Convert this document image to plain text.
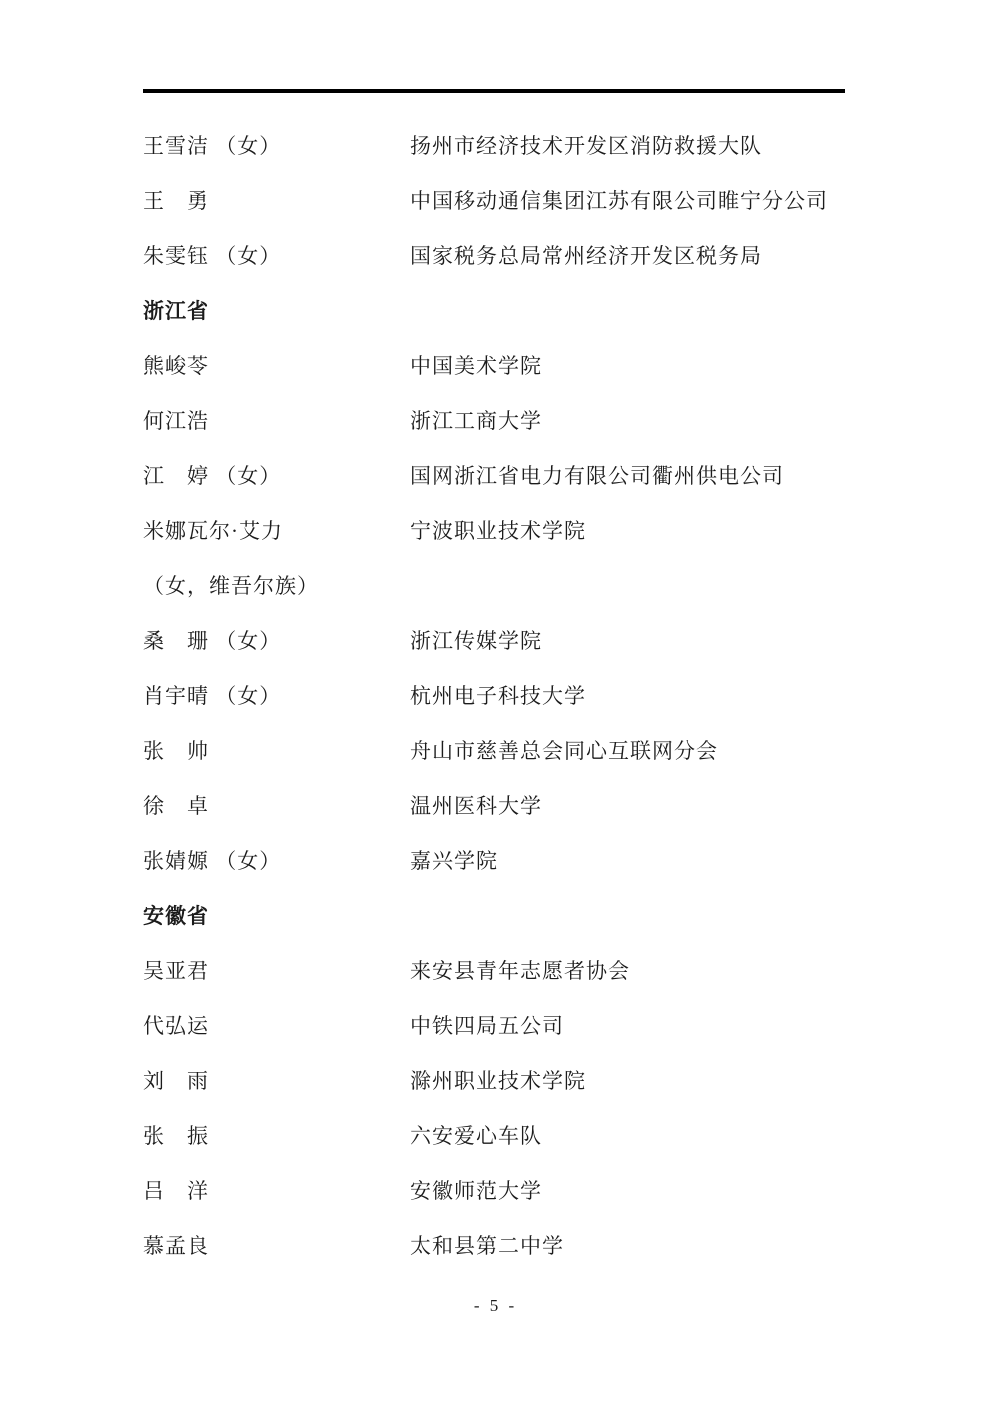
王雪洁 （女）	扬州市经济技术开发区消防救援大队
王　勇	中国移动通信集团江苏有限公司睢宁分公司
朱雯钰 （女）	国家税务总局常州经济开发区税务局
浙江省
熊峻苓	中国美术学院
何江浩	浙江工商大学
江　婷 （女）	国网浙江省电力有限公司衢州供电公司
米娜瓦尔·艾力	宁波职业技术学院
（女，维吾尔族）
桑　珊 （女）	浙江传媒学院
肖宇晴 （女）	杭州电子科技大学
张　帅	舟山市慈善总会同心互联网分会
徐　卓	温州医科大学
张婧嫄 （女）	嘉兴学院
安徽省
吴亚君	来安县青年志愿者协会
代弘运	中铁四局五公司
刘　雨	滁州职业技术学院
张　振	六安爱心车队
吕　洋	安徽师范大学
慕孟良	太和县第二中学
- 5 -
